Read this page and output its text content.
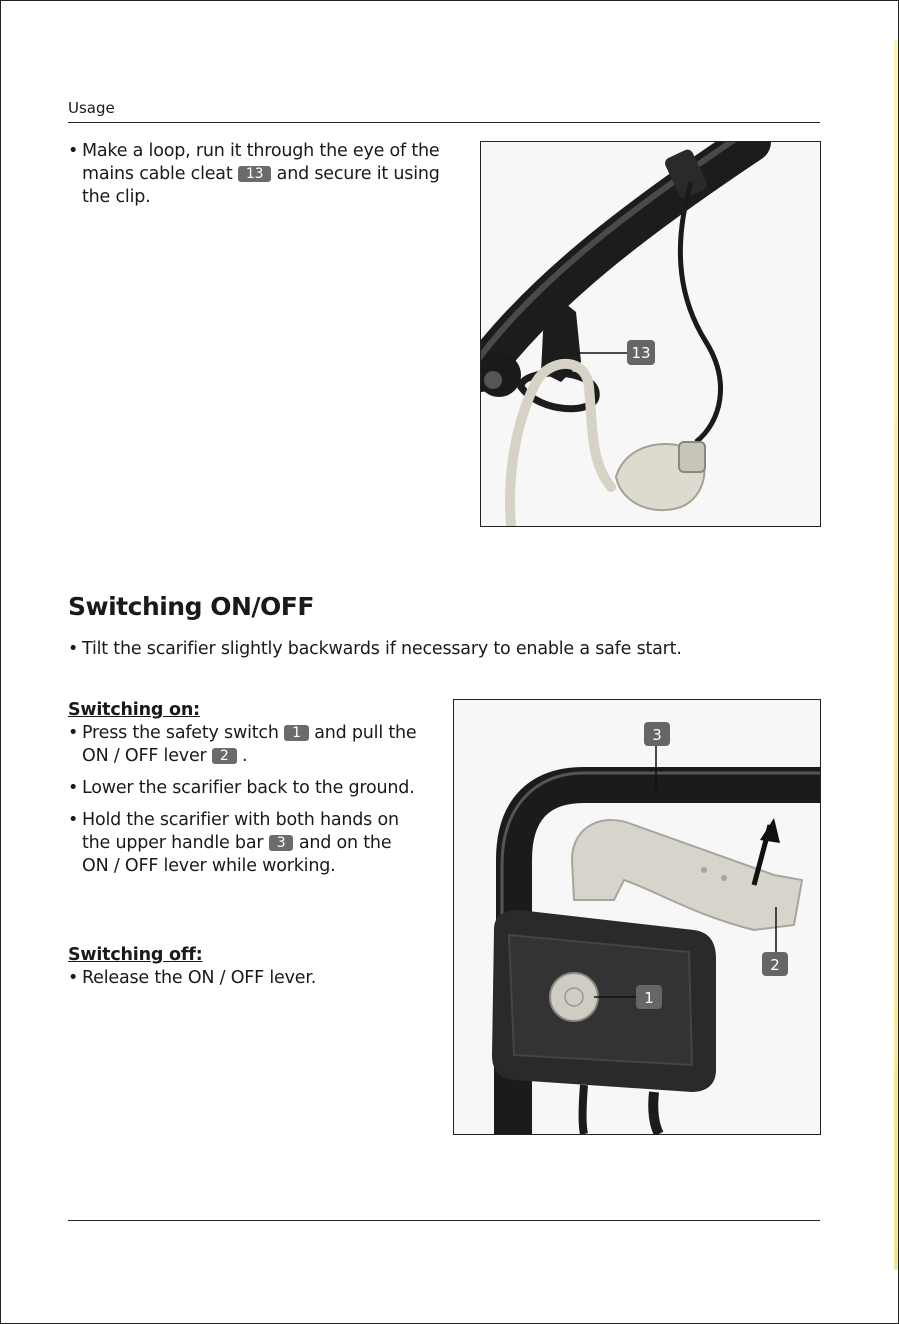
Usage
• Make a loop, run it through the eye of the mains cable cleat 13 and secure it using the clip.
13
Switching ON/OFF
• Tilt the scarifier slightly backwards if necessary to enable a safe start.
Switching on:
• Press the safety switch 1 and pull the ON / OFF lever 2 .
• Lower the scarifier back to the ground.
• Hold the scarifier with both hands on the upper handle bar 3 and on the ON / OFF lever while working.
Switching off:
• Release the ON / OFF lever.
3
2
1
